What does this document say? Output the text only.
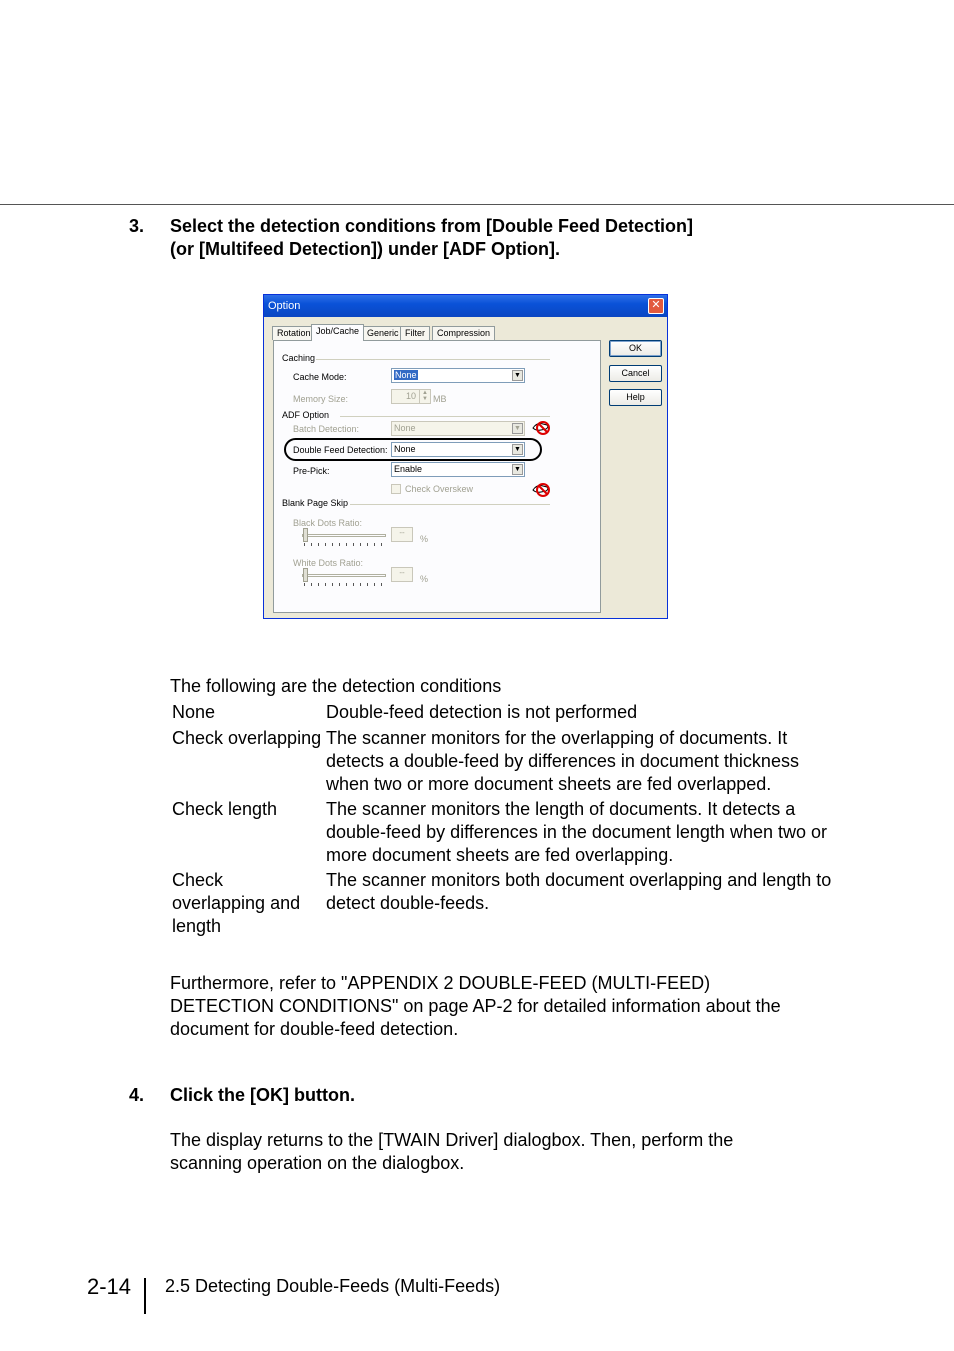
3. Select the detection conditions from [Double Feed Detection]
(or [Multifeed Detection]) under [ADF Option].
Option	✕
Rotation Job/Cache Generic Filter	Compression
Caching
Cache Mode:	None	▼
Memory Size:	10	▲
▼ MB
ADF Option
Batch Detection:	None	▼
Double Feed Detection: None	▼
Pre-Pick:	Enable	▼
Check Overskew
Blank Page Skip
Black Dots Ratio:
--
%
White Dots Ratio:
--
%
OK
Cancel
Help
The following are the detection conditions
None	Double-feed detection is not performed
Check overlapping	The scanner monitors for the overlapping of documents. It detects a double-feed by differences in document thickness when two or more document sheets are fed overlapped.
Check length	The scanner monitors the length of documents. It detects a double-feed by differences in the document length when two or more document sheets are fed overlapping.
Check overlapping and length	The scanner monitors both document overlapping and length to detect double-feeds.
Furthermore, refer to "APPENDIX 2 DOUBLE-FEED (MULTI-FEED)
DETECTION CONDITIONS" on page AP-2 for detailed information about the
document for double-feed detection.
4. Click the [OK] button.
The display returns to the [TWAIN Driver] dialogbox. Then, perform the
scanning operation on the dialogbox.
2-14 2.5 Detecting Double-Feeds (Multi-Feeds)
